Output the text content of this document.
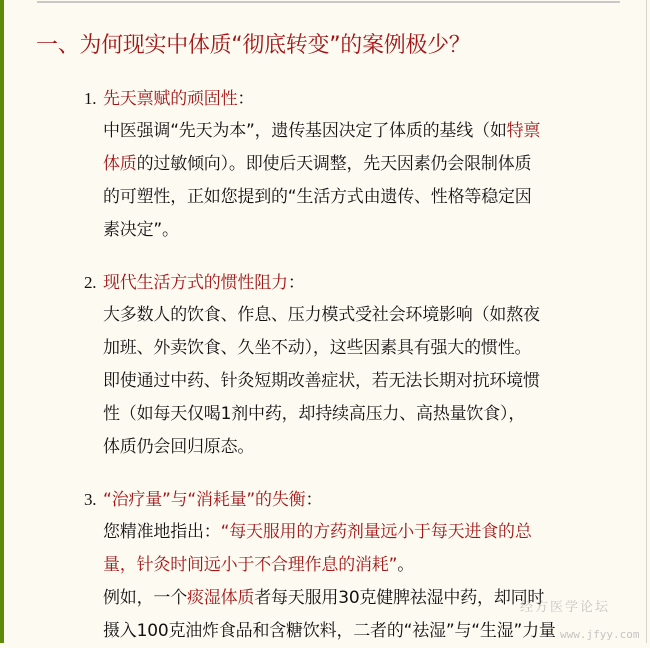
一、为何现实中体质“彻底转变”的案例极少？
1. 先天禀赋的顽固性：
中医强调“先天为本”，遗传基因决定了体质的基线（如特禀
体质的过敏倾向）。即使后天调整，先天因素仍会限制体质
的可塑性，正如您提到的“生活方式由遗传、性格等稳定因
素决定”。
2. 现代生活方式的惯性阻力：
大多数人的饮食、作息、压力模式受社会环境影响（如熬夜
加班、外卖饮食、久坐不动），这些因素具有强大的惯性。
即使通过中药、针灸短期改善症状，若无法长期对抗环境惯
性（如每天仅喝1剂中药，却持续高压力、高热量饮食），
体质仍会回归原态。
3. “治疗量”与“消耗量”的失衡：
您精准地指出：“每天服用的方药剂量远小于每天进食的总
量，针灸时间远小于不合理作息的消耗”。
例如，一个痰湿体质者每天服用30克健脾祛湿中药，却同时
摄入100克油炸食品和含糖饮料，二者的“祛湿”与“生湿”力量
经方医学论坛
www.jfyy.com
